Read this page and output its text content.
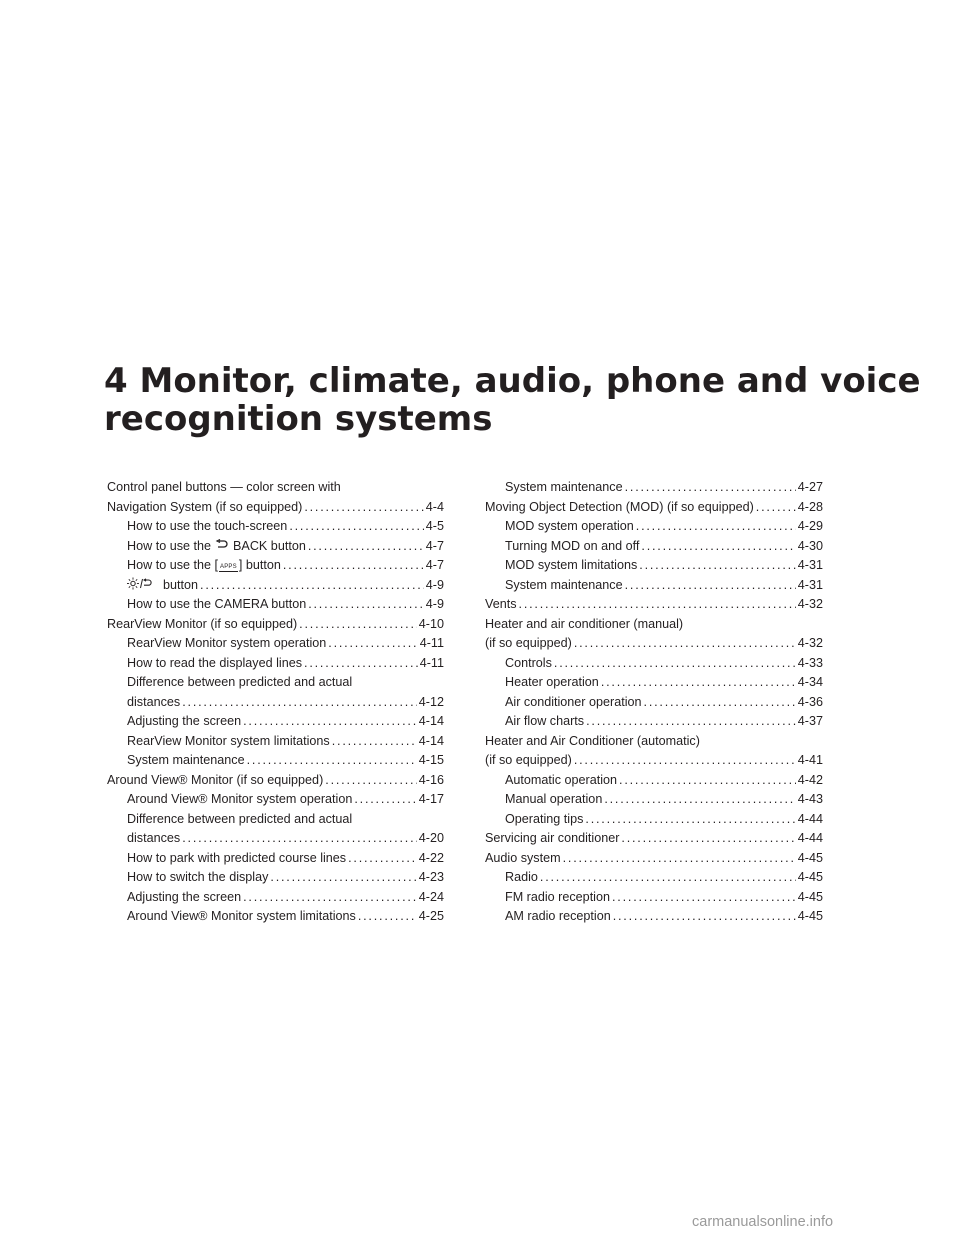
4 Monitor, climate, audio, phone and voice
recognition systems
Control panel buttons — color screen with
Navigation System (if so equipped) .....	4-4
How to use the touch-screen .....	4-5
How to use the BACK button .....	4-7
How to use the [ APPS ] button .....	4-7
button .....	4-9
How to use the CAMERA button .....	4-9
RearView Monitor (if so equipped) .....	4-10
RearView Monitor system operation .....	4-11
How to read the displayed lines .....	4-11
Difference between predicted and actual
distances .....	4-12
Adjusting the screen .....	4-14
RearView Monitor system limitations .....	4-14
System maintenance .....	4-15
Around View® Monitor (if so equipped) .....	4-16
Around View® Monitor system operation .....	4-17
Difference between predicted and actual
distances .....	4-20
How to park with predicted course lines .....	4-22
How to switch the display .....	4-23
Adjusting the screen .....	4-24
Around View® Monitor system limitations .....	4-25
System maintenance .....	4-27
Moving Object Detection (MOD) (if so equipped) .....	4-28
MOD system operation .....	4-29
Turning MOD on and off .....	4-30
MOD system limitations .....	4-31
System maintenance .....	4-31
Vents .....	4-32
Heater and air conditioner (manual)
(if so equipped) .....	4-32
Controls .....	4-33
Heater operation .....	4-34
Air conditioner operation .....	4-36
Air flow charts .....	4-37
Heater and Air Conditioner (automatic)
(if so equipped) .....	4-41
Automatic operation .....	4-42
Manual operation .....	4-43
Operating tips .....	4-44
Servicing air conditioner .....	4-44
Audio system .....	4-45
Radio .....	4-45
FM radio reception .....	4-45
AM radio reception .....	4-45
carmanualsonline.info
